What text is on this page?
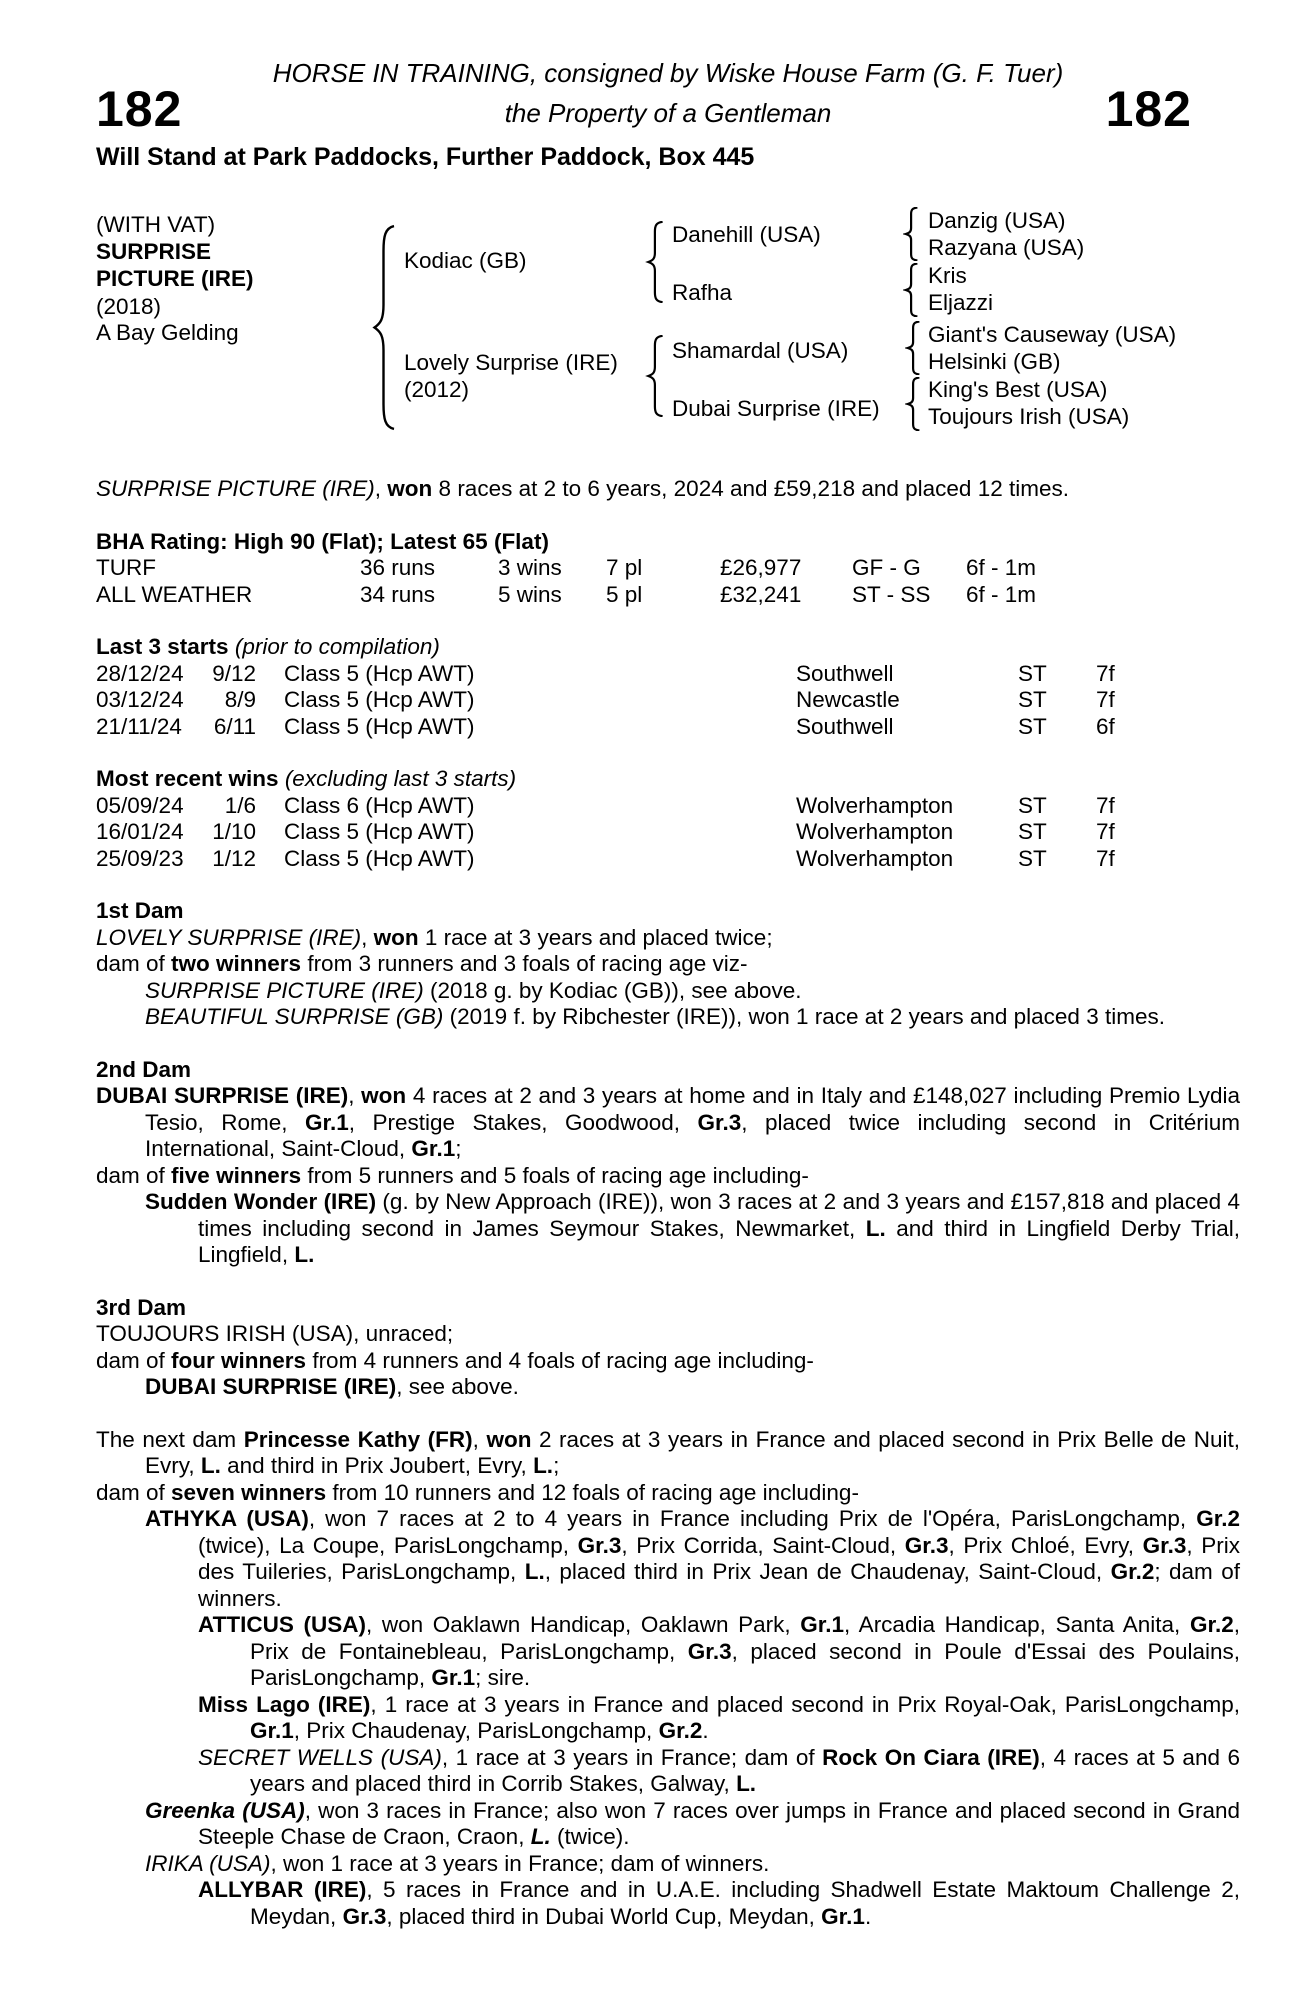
HORSE IN TRAINING, consigned by Wiske House Farm (G. F. Tuer)
182	the Property of a Gentleman	182
Will Stand at Park Paddocks, Further Paddock, Box 445
(WITH VAT)
SURPRISE
PICTURE (IRE)
(2018)
A Bay Gelding
Kodiac (GB)
Lovely Surprise (IRE)
(2012)
Danehill (USA)
Rafha
Shamardal (USA)
Dubai Surprise (IRE)
Danzig (USA)
Razyana (USA)
Kris
Eljazzi
Giant's Causeway (USA)
Helsinki (GB)
King's Best (USA)
Toujours Irish (USA)
SURPRISE PICTURE (IRE), won 8 races at 2 to 6 years, 2024 and £59,218 and placed 12 times.
BHA Rating: High 90 (Flat); Latest 65 (Flat)
TURF	36 runs	3 wins	7 pl	£26,977	GF - G	6f - 1m
ALL WEATHER	34 runs	5 wins	5 pl	£32,241	ST - SS	6f - 1m
Last 3 starts (prior to compilation)
28/12/24	9/12	Class 5 (Hcp AWT)	Southwell	ST	7f
03/12/24	8/9	Class 5 (Hcp AWT)	Newcastle	ST	7f
21/11/24	6/11	Class 5 (Hcp AWT)	Southwell	ST	6f
Most recent wins (excluding last 3 starts)
05/09/24	1/6	Class 6 (Hcp AWT)	Wolverhampton	ST	7f
16/01/24	1/10	Class 5 (Hcp AWT)	Wolverhampton	ST	7f
25/09/23	1/12	Class 5 (Hcp AWT)	Wolverhampton	ST	7f
1st Dam
LOVELY SURPRISE (IRE), won 1 race at 3 years and placed twice;
dam of two winners from 3 runners and 3 foals of racing age viz-
SURPRISE PICTURE (IRE) (2018 g. by Kodiac (GB)), see above.
BEAUTIFUL SURPRISE (GB) (2019 f. by Ribchester (IRE)), won 1 race at 2 years and placed 3 times.
2nd Dam
DUBAI SURPRISE (IRE), won 4 races at 2 and 3 years at home and in Italy and £148,027 including Premio Lydia Tesio, Rome, Gr.1, Prestige Stakes, Goodwood, Gr.3, placed twice including second in Critérium International, Saint-Cloud, Gr.1;
dam of five winners from 5 runners and 5 foals of racing age including-
Sudden Wonder (IRE) (g. by New Approach (IRE)), won 3 races at 2 and 3 years and £157,818 and placed 4 times including second in James Seymour Stakes, Newmarket, L. and third in Lingfield Derby Trial, Lingfield, L.
3rd Dam
TOUJOURS IRISH (USA), unraced;
dam of four winners from 4 runners and 4 foals of racing age including-
DUBAI SURPRISE (IRE), see above.
The next dam Princesse Kathy (FR), won 2 races at 3 years in France and placed second in Prix Belle de Nuit, Evry, L. and third in Prix Joubert, Evry, L.;
dam of seven winners from 10 runners and 12 foals of racing age including-
ATHYKA (USA), won 7 races at 2 to 4 years in France including Prix de l'Opéra, ParisLongchamp, Gr.2 (twice), La Coupe, ParisLongchamp, Gr.3, Prix Corrida, Saint-Cloud, Gr.3, Prix Chloé, Evry, Gr.3, Prix des Tuileries, ParisLongchamp, L., placed third in Prix Jean de Chaudenay, Saint-Cloud, Gr.2; dam of winners.
ATTICUS (USA), won Oaklawn Handicap, Oaklawn Park, Gr.1, Arcadia Handicap, Santa Anita, Gr.2, Prix de Fontainebleau, ParisLongchamp, Gr.3, placed second in Poule d'Essai des Poulains, ParisLongchamp, Gr.1; sire.
Miss Lago (IRE), 1 race at 3 years in France and placed second in Prix Royal-Oak, ParisLongchamp, Gr.1, Prix Chaudenay, ParisLongchamp, Gr.2.
SECRET WELLS (USA), 1 race at 3 years in France; dam of Rock On Ciara (IRE), 4 races at 5 and 6 years and placed third in Corrib Stakes, Galway, L.
Greenka (USA), won 3 races in France; also won 7 races over jumps in France and placed second in Grand Steeple Chase de Craon, Craon, L. (twice).
IRIKA (USA), won 1 race at 3 years in France; dam of winners.
ALLYBAR (IRE), 5 races in France and in U.A.E. including Shadwell Estate Maktoum Challenge 2, Meydan, Gr.3, placed third in Dubai World Cup, Meydan, Gr.1.
